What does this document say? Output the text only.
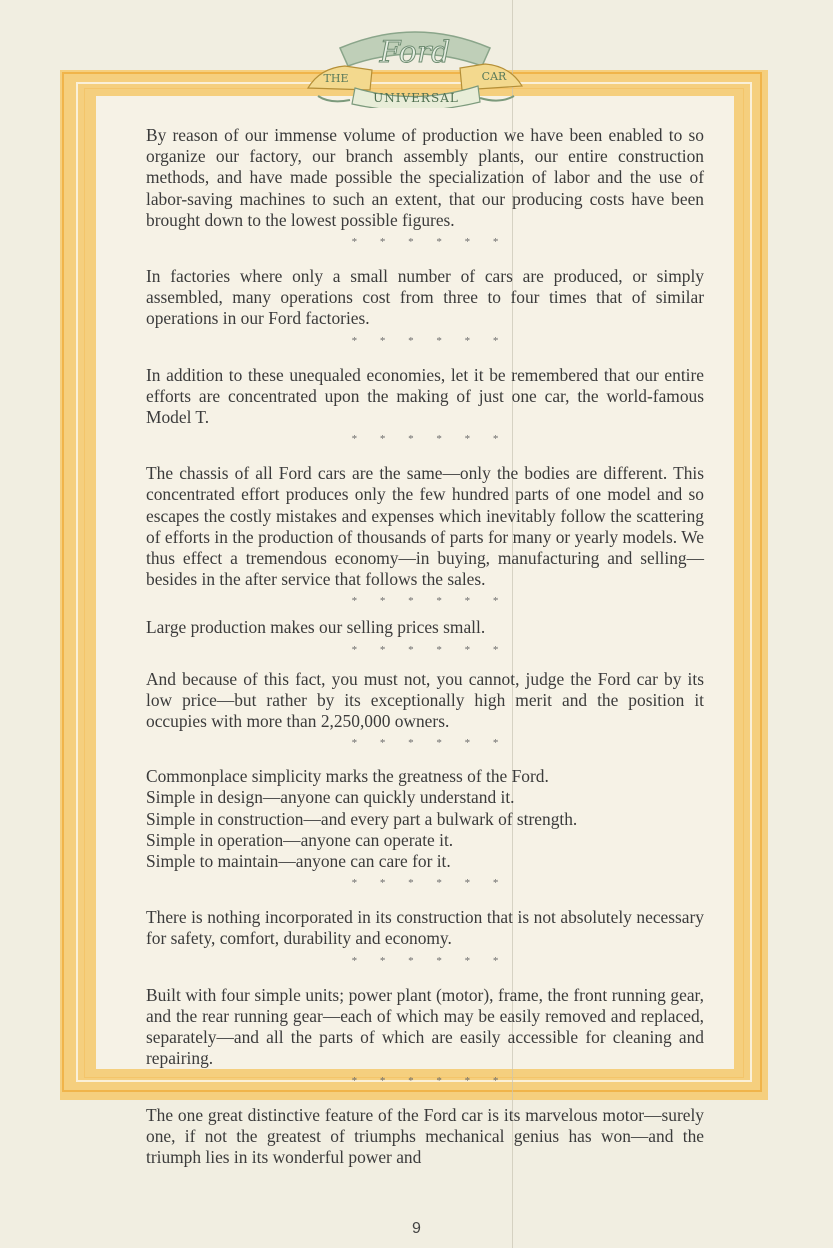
Ford
THE	CAR
UNIVERSAL

By reason of our immense volume of production we have been enabled to so organize our factory, our branch assembly plants, our entire construction methods, and have made possible the specialization of labor and the use of labor-saving machines to such an extent, that our producing costs have been brought down to the lowest possible figures.

* * * * * *

In factories where only a small number of cars are produced, or simply assembled, many operations cost from three to four times that of similar operations in our Ford factories.

* * * * * *

In addition to these unequaled economies, let it be remembered that our entire efforts are concentrated upon the making of just one car, the world-famous Model T.

* * * * * *

The chassis of all Ford cars are the same—only the bodies are different. This concentrated effort produces only the few hundred parts of one model and so escapes the costly mistakes and expenses which inevitably follow the scattering of efforts in the production of thousands of parts for many or yearly models. We thus effect a tremendous economy—in buying, manufacturing and selling—besides in the after service that follows the sales.

* * * * * *

Large production makes our selling prices small.

* * * * * *

And because of this fact, you must not, you cannot, judge the Ford car by its low price—but rather by its exceptionally high merit and the position it occupies with more than 2,250,000 owners.

* * * * * *
Commonplace simplicity marks the greatness of the Ford.
Simple in design—anyone can quickly understand it.
Simple in construction—and every part a bulwark of strength.
Simple in operation—anyone can operate it.
Simple to maintain—anyone can care for it.
* * * * * *

There is nothing incorporated in its construction that is not absolutely necessary for safety, comfort, durability and economy.

* * * * * *

Built with four simple units; power plant (motor), frame, the front running gear, and the rear running gear—each of which may be easily removed and replaced, separately—and all the parts of which are easily accessible for cleaning and repairing.

* * * * * *

The one great distinctive feature of the Ford car is its marvelous motor—surely one, if not the greatest of triumphs mechanical genius has won—and the triumph lies in its wonderful power and

9
